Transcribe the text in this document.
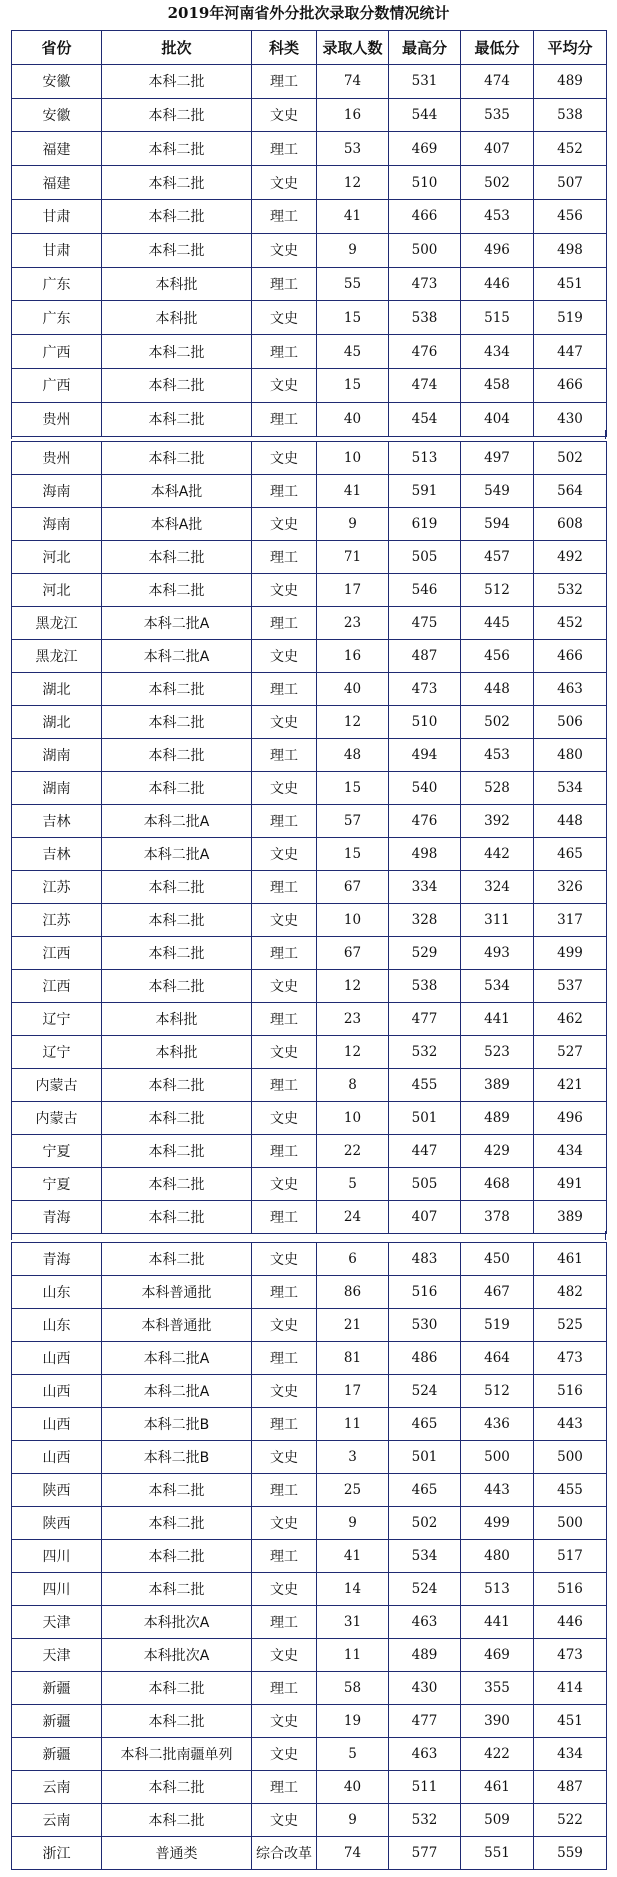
2019年河南省外分批次录取分数情况统计
省份	批次	科类	录取人数	最高分	最低分	平均分
安徽	本科二批	理工	74	531	474	489
安徽	本科二批	文史	16	544	535	538
福建	本科二批	理工	53	469	407	452
福建	本科二批	文史	12	510	502	507
甘肃	本科二批	理工	41	466	453	456
甘肃	本科二批	文史	9	500	496	498
广东	本科批	理工	55	473	446	451
广东	本科批	文史	15	538	515	519
广西	本科二批	理工	45	476	434	447
广西	本科二批	文史	15	474	458	466
贵州	本科二批	理工	40	454	404	430
贵州	本科二批	文史	10	513	497	502
海南	本科A批	理工	41	591	549	564
海南	本科A批	文史	9	619	594	608
河北	本科二批	理工	71	505	457	492
河北	本科二批	文史	17	546	512	532
黑龙江	本科二批A	理工	23	475	445	452
黑龙江	本科二批A	文史	16	487	456	466
湖北	本科二批	理工	40	473	448	463
湖北	本科二批	文史	12	510	502	506
湖南	本科二批	理工	48	494	453	480
湖南	本科二批	文史	15	540	528	534
吉林	本科二批A	理工	57	476	392	448
吉林	本科二批A	文史	15	498	442	465
江苏	本科二批	理工	67	334	324	326
江苏	本科二批	文史	10	328	311	317
江西	本科二批	理工	67	529	493	499
江西	本科二批	文史	12	538	534	537
辽宁	本科批	理工	23	477	441	462
辽宁	本科批	文史	12	532	523	527
内蒙古	本科二批	理工	8	455	389	421
内蒙古	本科二批	文史	10	501	489	496
宁夏	本科二批	理工	22	447	429	434
宁夏	本科二批	文史	5	505	468	491
青海	本科二批	理工	24	407	378	389
青海	本科二批	文史	6	483	450	461
山东	本科普通批	理工	86	516	467	482
山东	本科普通批	文史	21	530	519	525
山西	本科二批A	理工	81	486	464	473
山西	本科二批A	文史	17	524	512	516
山西	本科二批B	理工	11	465	436	443
山西	本科二批B	文史	3	501	500	500
陕西	本科二批	理工	25	465	443	455
陕西	本科二批	文史	9	502	499	500
四川	本科二批	理工	41	534	480	517
四川	本科二批	文史	14	524	513	516
天津	本科批次A	理工	31	463	441	446
天津	本科批次A	文史	11	489	469	473
新疆	本科二批	理工	58	430	355	414
新疆	本科二批	文史	19	477	390	451
新疆	本科二批南疆单列	文史	5	463	422	434
云南	本科二批	理工	40	511	461	487
云南	本科二批	文史	9	532	509	522
浙江	普通类	综合改革	74	577	551	559
